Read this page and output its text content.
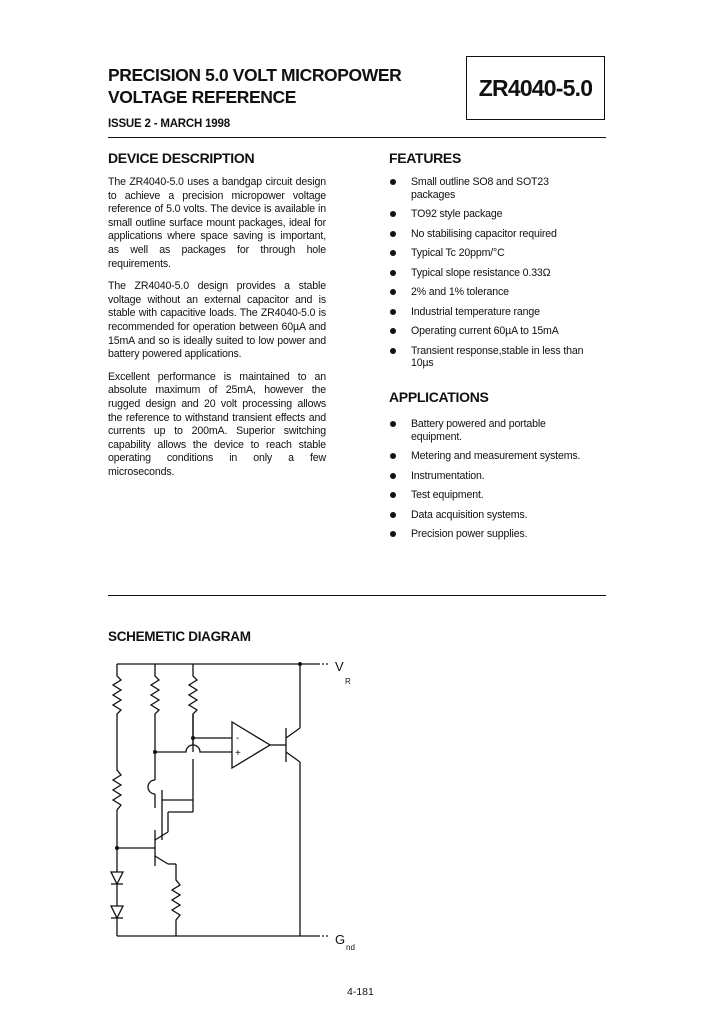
PRECISION 5.0 VOLT MICROPOWER
VOLTAGE REFERENCE
ISSUE 2 - MARCH 1998
ZR4040-5.0
DEVICE DESCRIPTION

The ZR4040-5.0 uses a bandgap circuit design to achieve a precision micropower voltage reference of 5.0 volts. The device is available in small outline surface mount packages, ideal for applications where space saving is important, as well as packages for through hole requirements.

The ZR4040-5.0 design provides a stable voltage without an external capacitor and is stable with capacitive loads. The ZR4040-5.0 is recommended for operation between 60µA and 15mA and so is ideally suited to low power and battery powered applications.

Excellent performance is maintained to an absolute maximum of 25mA, however the rugged design and 20 volt processing allows the reference to withstand transient effects and currents up to 200mA. Superior switching capability allows the device to reach stable operating conditions in only a few microseconds.

FEATURES
Small outline SO8 and SOT23
packages
TO92 style package
No stabilising capacitor required
Typical Tc 20ppm/°C
Typical slope resistance 0.33Ω
2% and 1% tolerance
Industrial temperature range
Operating current 60µA to 15mA
Transient response,stable in less than
10µs
APPLICATIONS
Battery powered and portable
equipment.
Metering and measurement systems.
Instrumentation.
Test equipment.
Data acquisition systems.
Precision power supplies.
SCHEMETIC DIAGRAM
-
+
V
R
G
nd
4-181
